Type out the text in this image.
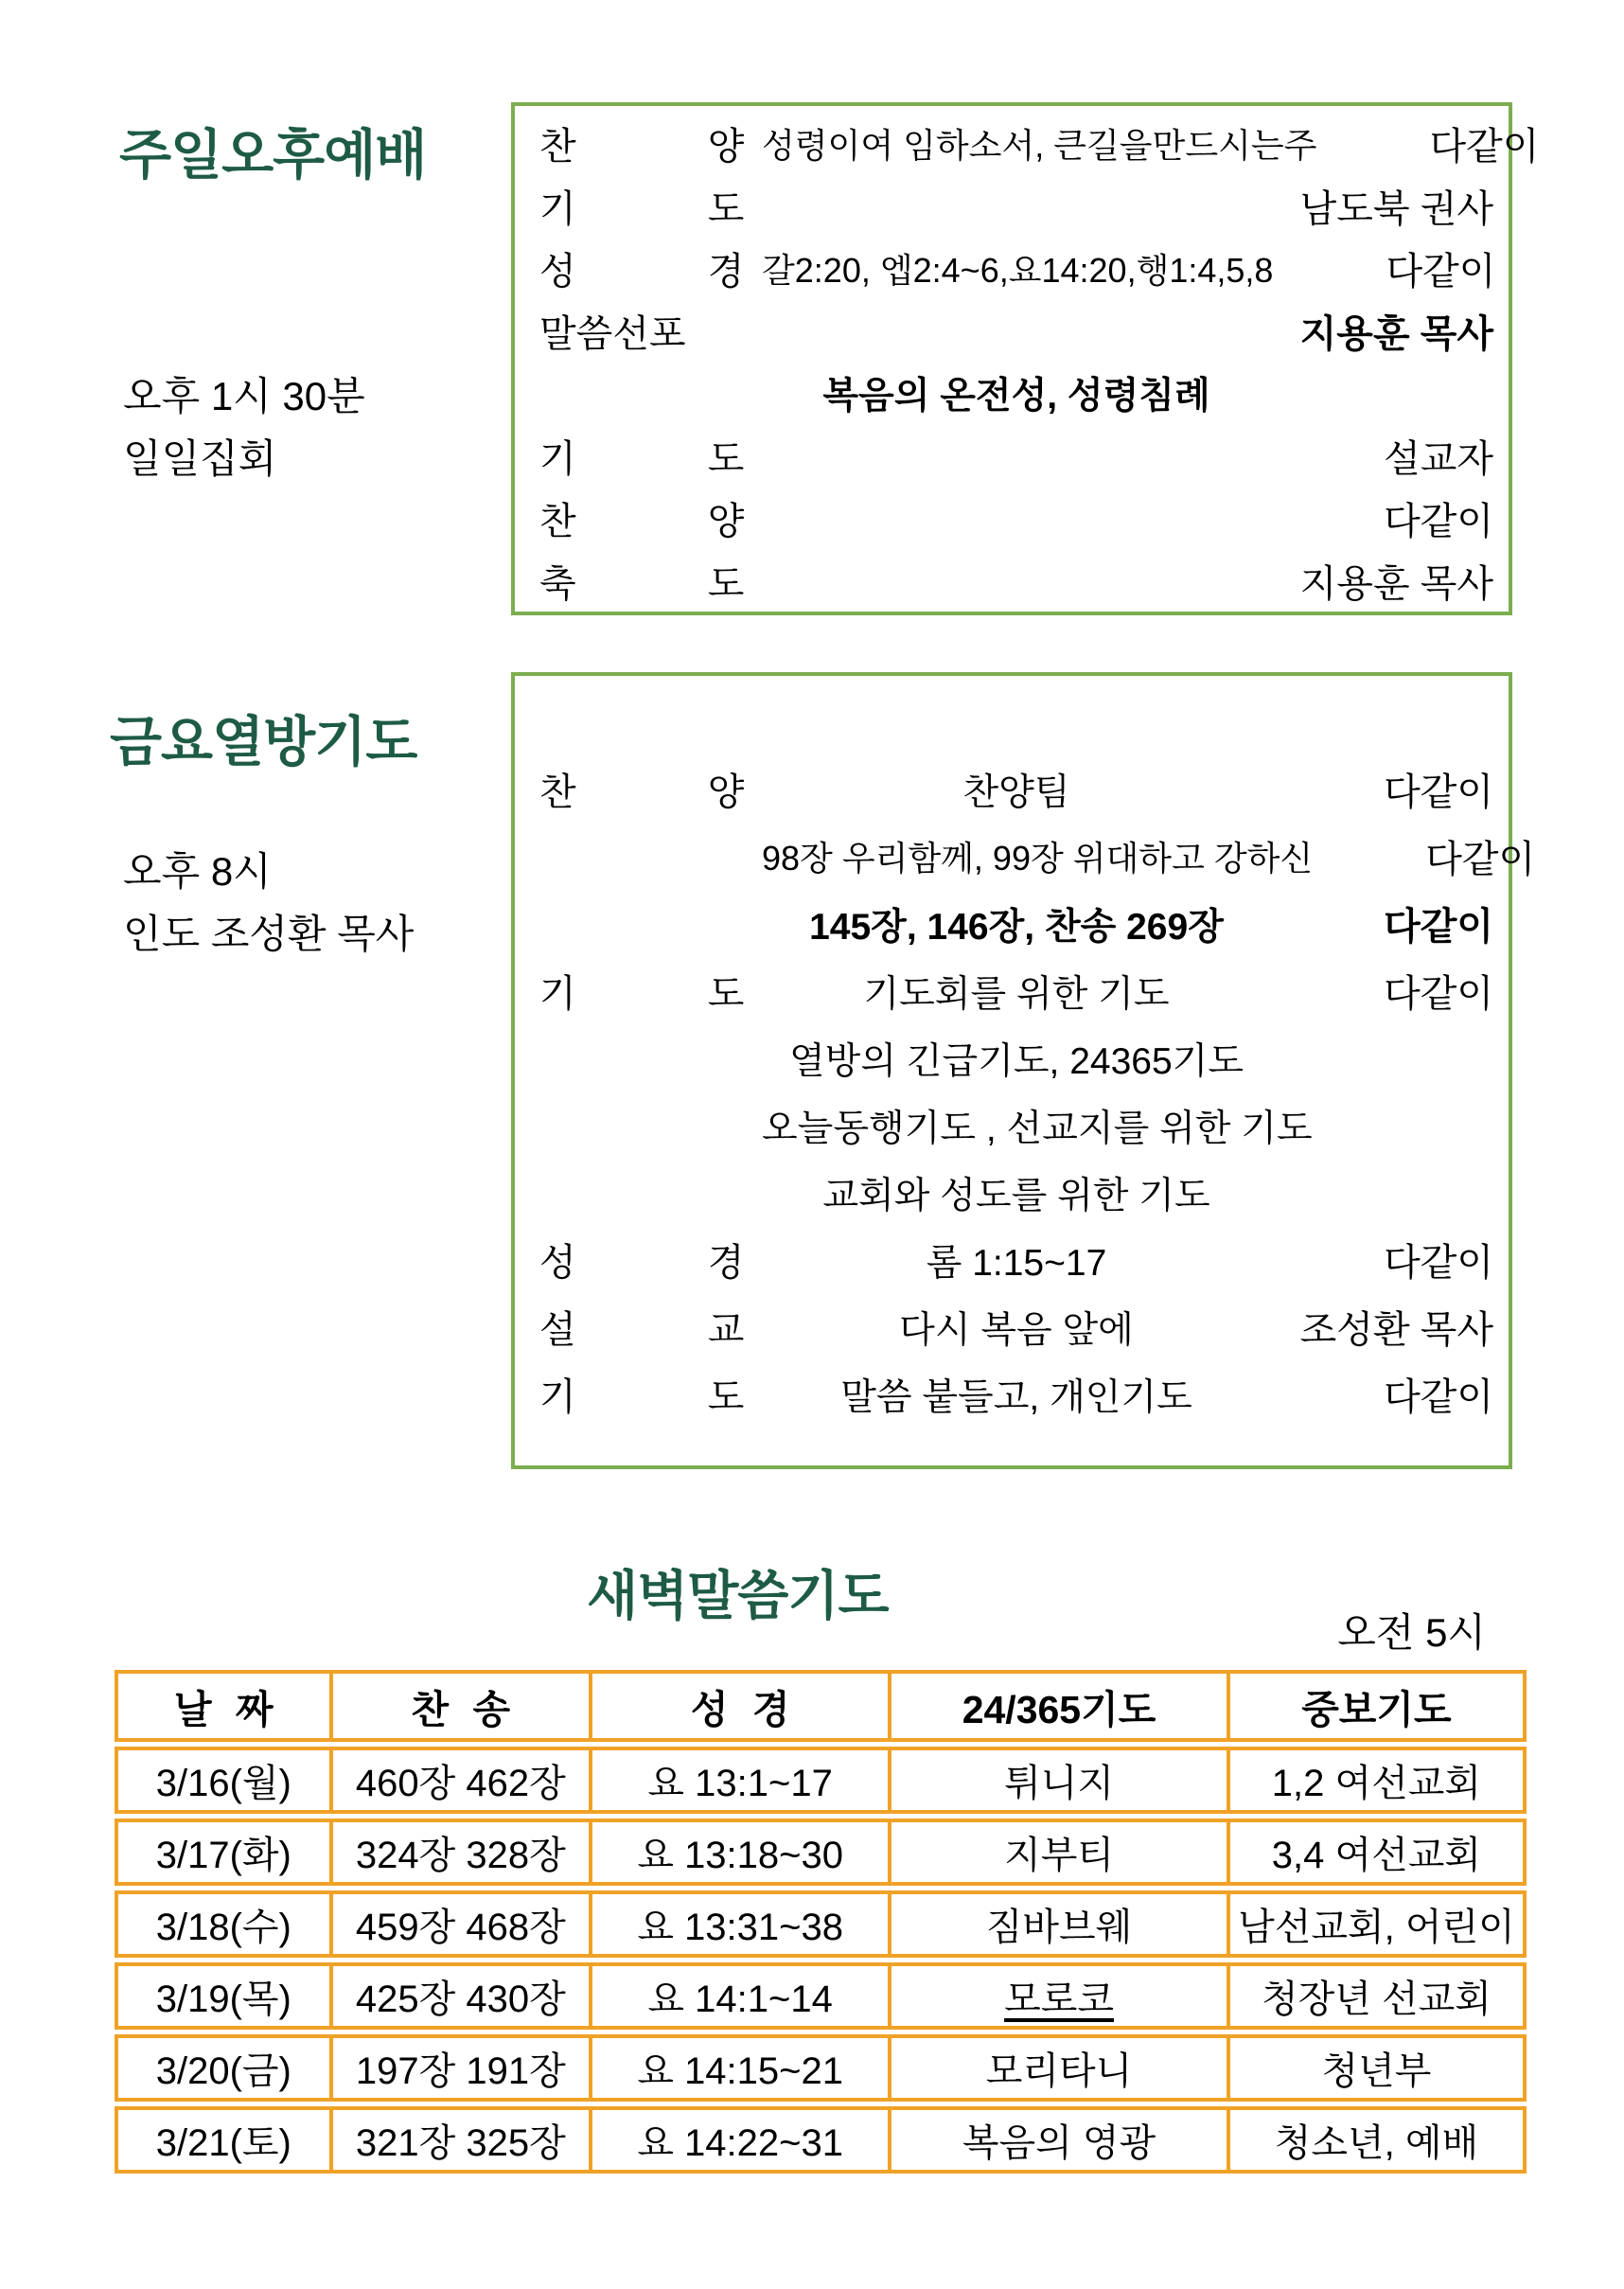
주일오후예배
오후 1시 30분
일일집회
찬 양 성령이여 임하소서, 큰길을만드시는주	다같이
기 도	남도북 권사
성 경 갈2:20, 엡2:4~6,요14:20,행1:4,5,8	다같이
말씀선포	지용훈 목사
복음의 온전성, 성령침례
기 도	설교자
찬 양	다같이
축 도	지용훈 목사
금요열방기도
오후 8시
인도 조성환 목사
찬 양	찬양팀	다같이
98장 우리함께, 99장 위대하고 강하신	다같이
145장, 146장, 찬송 269장	다같이
기 도	기도회를 위한 기도	다같이
열방의 긴급기도, 24365기도
오늘동행기도 , 선교지를 위한 기도
교회와 성도를 위한 기도
성 경	롬 1:15~17	다같이
설 교	다시 복음 앞에	조성환 목사
기 도	말씀 붙들고, 개인기도	다같이
새벽말씀기도
오전 5시
날 짜	찬 송	성 경	24/365기도	중보기도
3/16(월)	460장 462장	요 13:1~17	튀니지	1,2 여선교회
3/17(화)	324장 328장	요 13:18~30	지부티	3,4 여선교회
3/18(수)	459장 468장	요 13:31~38	짐바브웨	남선교회, 어린이
3/19(목)	425장 430장	요 14:1~14	모로코	청장년 선교회
3/20(금)	197장 191장	요 14:15~21	모리타니	청년부
3/21(토)	321장 325장	요 14:22~31	복음의 영광	청소년, 예배
